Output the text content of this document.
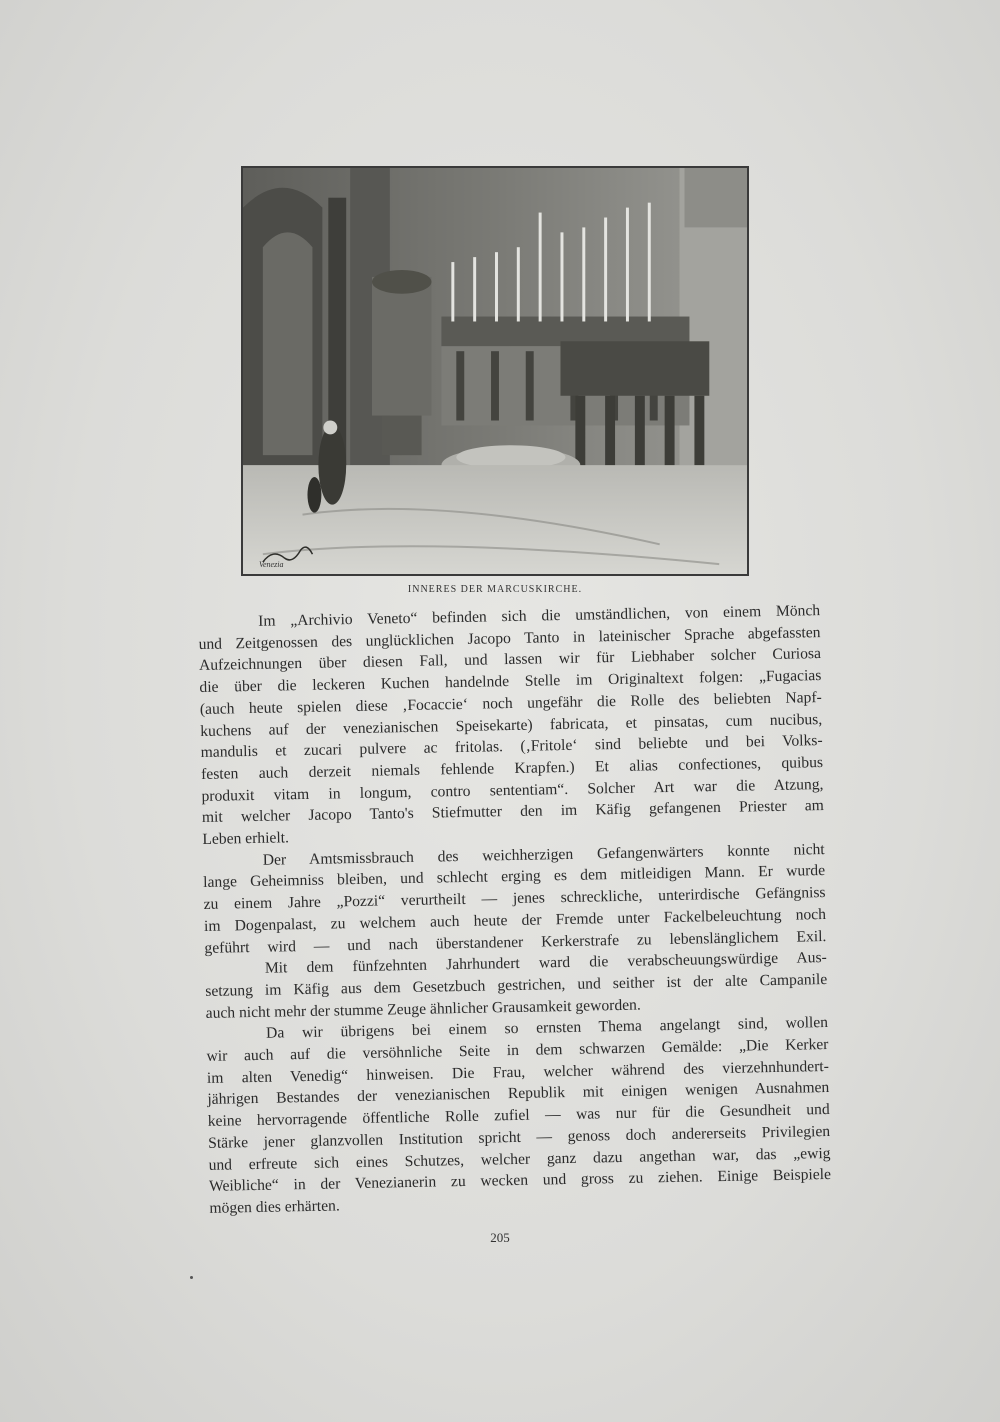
Venezia
INNERES DER MARCUSKIRCHE.
Im „Archivio Veneto“ befinden sich die umständlichen, von einem Mönch
und Zeitgenossen des unglücklichen Jacopo Tanto in lateinischer Sprache abgefassten
Aufzeichnungen über diesen Fall, und lassen wir für Liebhaber solcher Curiosa
die über die leckeren Kuchen handelnde Stelle im Originaltext folgen: „Fugacias
(auch heute spielen diese ‚Focaccie‘ noch ungefähr die Rolle des beliebten Napf-
kuchens auf der venezianischen Speisekarte) fabricata, et pinsatas, cum nucibus,
mandulis et zucari pulvere ac fritolas. (‚Fritole‘ sind beliebte und bei Volks-
festen auch derzeit niemals fehlende Krapfen.) Et alias confectiones, quibus
produxit vitam in longum, contro sententiam“. Solcher Art war die Atzung,
mit welcher Jacopo Tanto's Stiefmutter den im Käfig gefangenen Priester am
Leben erhielt.
Der Amtsmissbrauch des weichherzigen Gefangenwärters konnte nicht
lange Geheimniss bleiben, und schlecht erging es dem mitleidigen Mann. Er wurde
zu einem Jahre „Pozzi“ verurtheilt — jenes schreckliche, unterirdische Gefängniss
im Dogenpalast, zu welchem auch heute der Fremde unter Fackelbeleuchtung noch
geführt wird — und nach überstandener Kerkerstrafe zu lebenslänglichem Exil.
Mit dem fünfzehnten Jahrhundert ward die verabscheuungswürdige Aus-
setzung im Käfig aus dem Gesetzbuch gestrichen, und seither ist der alte Campanile
auch nicht mehr der stumme Zeuge ähnlicher Grausamkeit geworden.
Da wir übrigens bei einem so ernsten Thema angelangt sind, wollen
wir auch auf die versöhnliche Seite in dem schwarzen Gemälde: „Die Kerker
im alten Venedig“ hinweisen. Die Frau, welcher während des vierzehnhundert-
jährigen Bestandes der venezianischen Republik mit einigen wenigen Ausnahmen
keine hervorragende öffentliche Rolle zufiel — was nur für die Gesundheit und
Stärke jener glanzvollen Institution spricht — genoss doch andererseits Privilegien
und erfreute sich eines Schutzes, welcher ganz dazu angethan war, das „ewig
Weibliche“ in der Venezianerin zu wecken und gross zu ziehen. Einige Beispiele
mögen dies erhärten.
205
